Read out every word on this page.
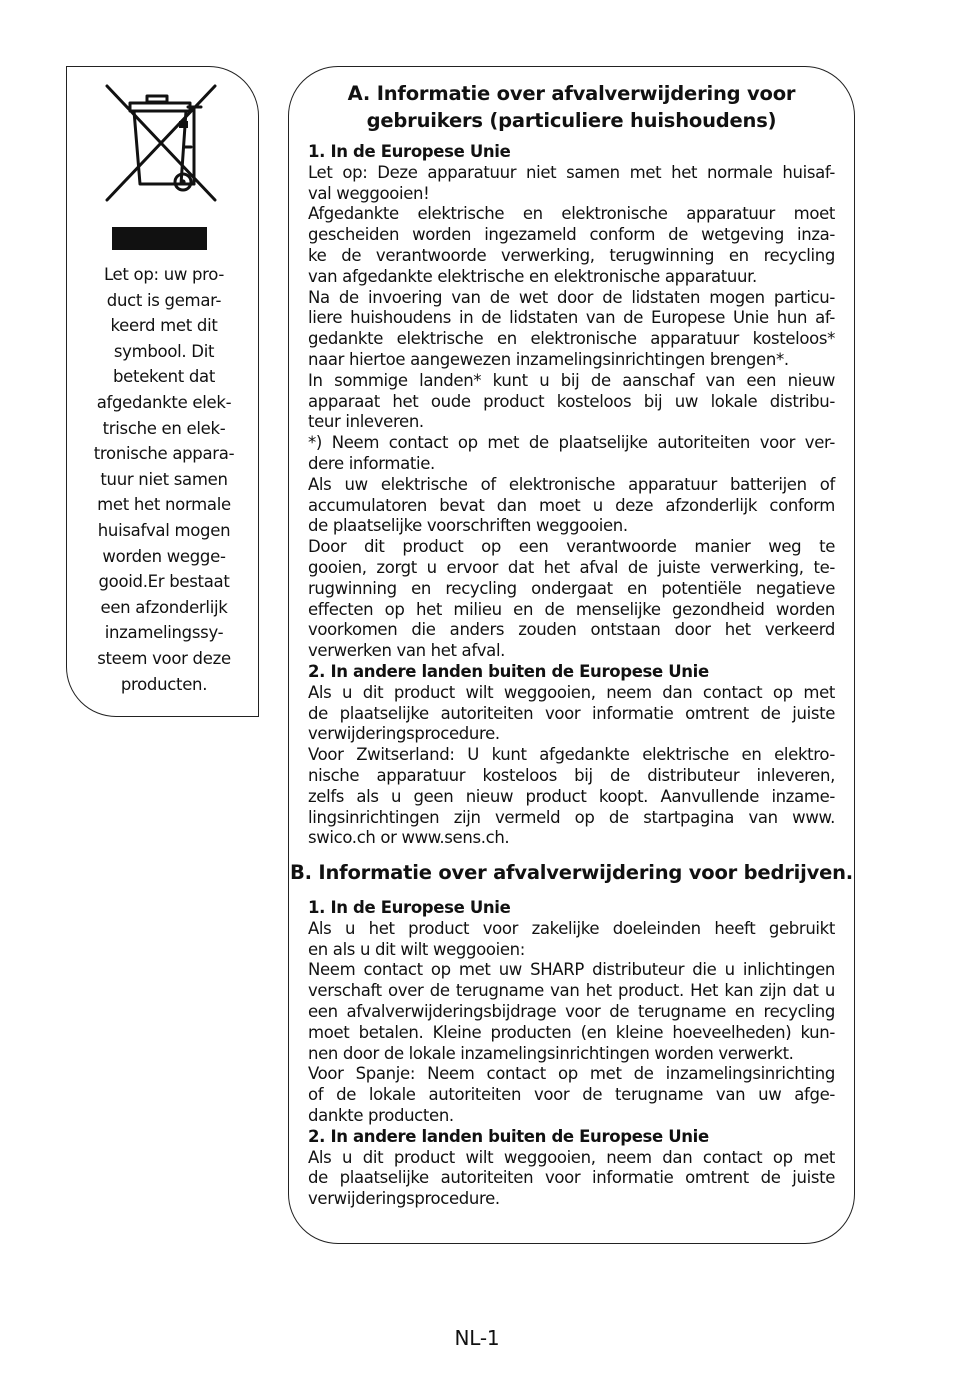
Let op: uw pro-
duct is gemar-
keerd met dit
symbool. Dit
betekent dat
afgedankte elek-
trische en elek-
tronische appara-
tuur niet samen
met het normale
huisafval mogen
worden wegge-
gooid.Er bestaat
een afzonderlijk
inzamelingssy-
steem voor deze
producten.
A. Informatie over afvalverwijdering voor
gebruikers (particuliere huishoudens)
1. In de Europese Unie
Let op: Deze apparatuur niet samen met het normale huisaf-
val weggooien!
Afgedankte elektrische en elektronische apparatuur moet
gescheiden worden ingezameld conform de wetgeving inza-
ke de verantwoorde verwerking, terugwinning en recycling
van afgedankte elektrische en elektronische apparatuur.
Na de invoering van de wet door de lidstaten mogen particu-
liere huishoudens in de lidstaten van de Europese Unie hun af-
gedankte elektrische en elektronische apparatuur kosteloos*
naar hiertoe aangewezen inzamelingsinrichtingen brengen*.
In sommige landen* kunt u bij de aanschaf van een nieuw
apparaat het oude product kosteloos bij uw lokale distribu-
teur inleveren.
*) Neem contact op met de plaatselijke autoriteiten voor ver-
dere informatie.
Als uw elektrische of elektronische apparatuur batterijen of
accumulatoren bevat dan moet u deze afzonderlijk conform
de plaatselijke voorschriften weggooien.
Door dit product op een verantwoorde manier weg te
gooien, zorgt u ervoor dat het afval de juiste verwerking, te-
rugwinning en recycling ondergaat en potentiële negatieve
effecten op het milieu en de menselijke gezondheid worden
voorkomen die anders zouden ontstaan door het verkeerd
verwerken van het afval.
2. In andere landen buiten de Europese Unie
Als u dit product wilt weggooien, neem dan contact op met
de plaatselijke autoriteiten voor informatie omtrent de juiste
verwijderingsprocedure.
Voor Zwitserland: U kunt afgedankte elektrische en elektro-
nische apparatuur kosteloos bij de distributeur inleveren,
zelfs als u geen nieuw product koopt. Aanvullende inzame-
lingsinrichtingen zijn vermeld op de startpagina van www.
swico.ch or www.sens.ch.
B. Informatie over afvalverwijdering voor bedrijven.
1. In de Europese Unie
Als u het product voor zakelijke doeleinden heeft gebruikt
en als u dit wilt weggooien:
Neem contact op met uw SHARP distributeur die u inlichtingen
verschaft over de terugname van het product. Het kan zijn dat u
een afvalverwijderingsbijdrage voor de terugname en recycling
moet betalen. Kleine producten (en kleine hoeveelheden) kun-
nen door de lokale inzamelingsinrichtingen worden verwerkt.
Voor Spanje: Neem contact op met de inzamelingsinrichting
of de lokale autoriteiten voor de terugname van uw afge-
dankte producten.
2. In andere landen buiten de Europese Unie
Als u dit product wilt weggooien, neem dan contact op met
de plaatselijke autoriteiten voor informatie omtrent de juiste
verwijderingsprocedure.
NL-1
